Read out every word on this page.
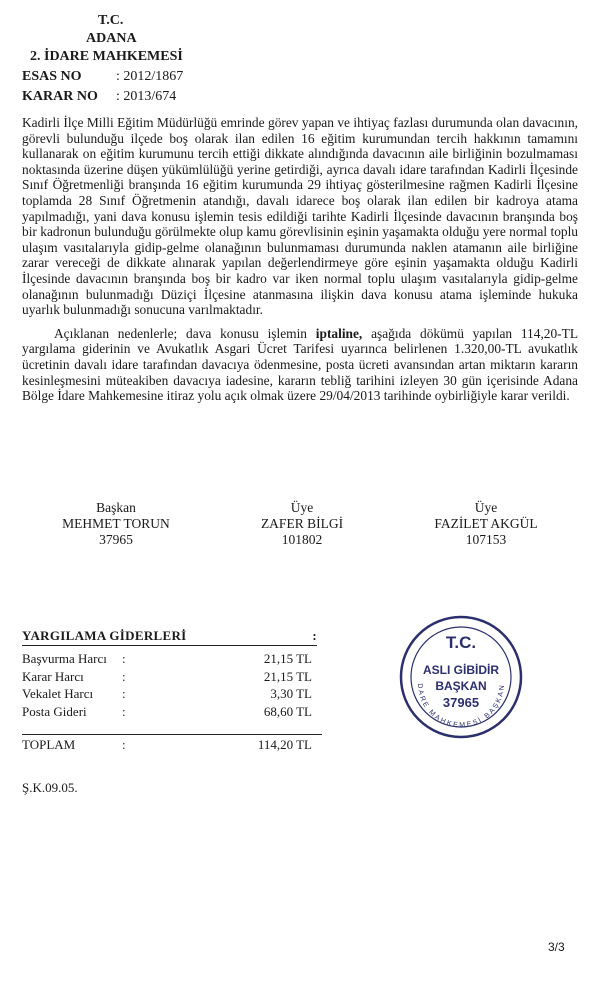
T.C.
ADANA
2. İDARE MAHKEMESİ
ESAS NO : 2012/1867
KARAR NO : 2013/674

Kadirli İlçe Milli Eğitim Müdürlüğü emrinde görev yapan ve ihtiyaç fazlası durumunda olan davacının, görevli bulunduğu ilçede boş olarak ilan edilen 16 eğitim kurumundan tercih hakkının tamamını kullanarak on eğitim kurumunu tercih ettiği dikkate alındığında davacının aile birliğinin bozulmaması noktasında üzerine düşen yükümlülüğü yerine getirdiği, ayrıca davalı idare tarafından Kadirli İlçesinde Sınıf Öğretmenliği branşında 16 eğitim kurumunda 29 ihtiyaç gösterilmesine rağmen Kadirli İlçesine toplamda 28 Sınıf Öğretmenin atandığı, davalı idarece boş olarak ilan edilen bir kadroya atama yapılmadığı, yani dava konusu işlemin tesis edildiği tarihte Kadirli İlçesinde davacının branşında boş bir kadronun bulunduğu görülmekte olup kamu görevlisinin eşinin yaşamakta olduğu yere normal toplu ulaşım vasıtalarıyla gidip-gelme olanağının bulunmaması durumunda naklen atamanın aile birliğine zarar vereceği de dikkate alınarak yapılan değerlendirmeye göre eşinin yaşamakta olduğu Kadirli İlçesinde davacının branşında boş bir kadro var iken normal toplu ulaşım vasıtalarıyla gidip-gelme olanağının bulunmadığı Düziçi İlçesine atanmasına ilişkin dava konusu atama işleminde hukuka uyarlık bulunmadığı sonucuna varılmaktadır.

Açıklanan nedenlerle; dava konusu işlemin iptaline, aşağıda dökümü yapılan 114,20-TL yargılama giderinin ve Avukatlık Asgari Ücret Tarifesi uyarınca belirlenen 1.320,00-TL avukatlık ücretinin davalı idare tarafından davacıya ödenmesine, posta ücreti avansından artan miktarın kararın kesinleşmesini müteakiben davacıya iadesine, kararın tebliğ tarihini izleyen 30 gün içerisinde Adana Bölge İdare Mahkemesine itiraz yolu açık olmak üzere 29/04/2013 tarihinde oybirliğiyle karar verildi.

Başkan
MEHMET TORUN
37965
Üye
ZAFER BİLGİ
101802
Üye
FAZİLET AKGÜL
107153
YARGILAMA GİDERLERİ	:
Başvurma Harcı	:	21,15 TL
Karar Harcı	:	21,15 TL
Vekalet Harcı	:	3,30 TL
Posta Gideri	:	68,60 TL
TOPLAM	:	114,20 TL
T.C.
ASLI GİBİDİR
BAŞKAN
37965
DARE MAHKEMESİ BAŞKAN
Ş.K.09.05.
3/3
